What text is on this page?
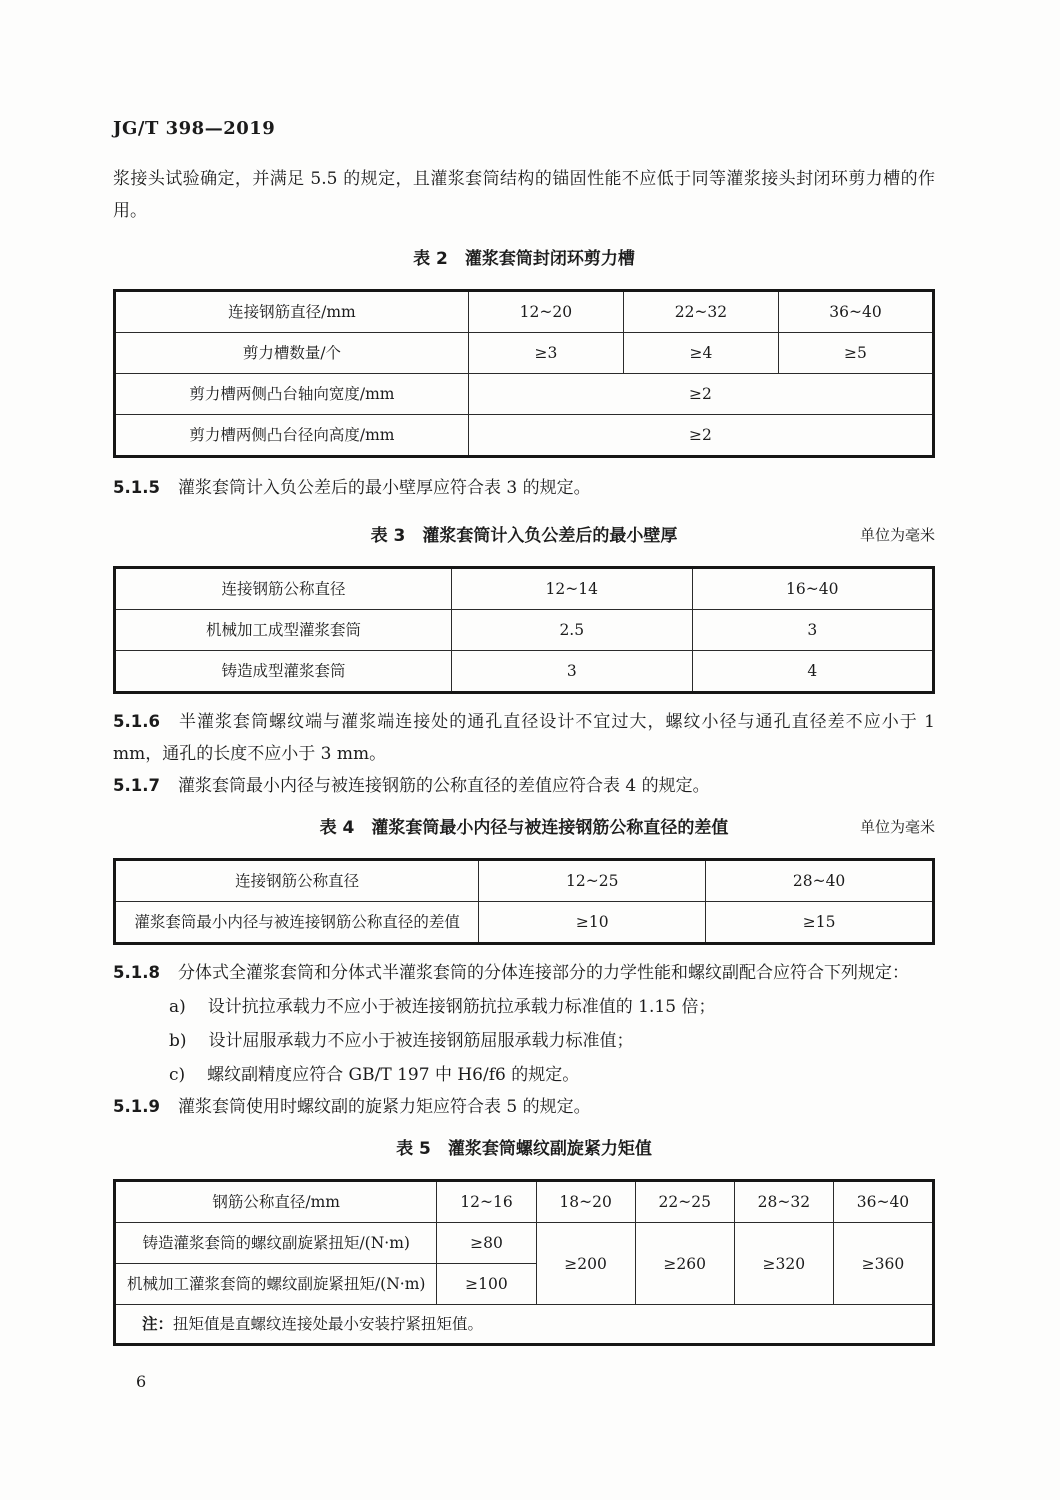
JG/T 398—2019

浆接头试验确定，并满足 5.5 的规定，且灌浆套筒结构的锚固性能不应低于同等灌浆接头封闭环剪力槽的作用。

表 2　灌浆套筒封闭环剪力槽
连接钢筋直径/mm	12~20	22~32	36~40
剪力槽数量/个	≥3	≥4	≥5
剪力槽两侧凸台轴向宽度/mm	≥2		
剪力槽两侧凸台径向高度/mm	≥2		

5.1.5 灌浆套筒计入负公差后的最小壁厚应符合表 3 的规定。

表 3　灌浆套筒计入负公差后的最小壁厚	单位为毫米
连接钢筋公称直径	12~14	16~40
机械加工成型灌浆套筒	2.5	3
铸造成型灌浆套筒	3	4

5.1.6 半灌浆套筒螺纹端与灌浆端连接处的通孔直径设计不宜过大，螺纹小径与通孔直径差不应小于 1 mm，通孔的长度不应小于 3 mm。

5.1.7 灌浆套筒最小内径与被连接钢筋的公称直径的差值应符合表 4 的规定。

表 4　灌浆套筒最小内径与被连接钢筋公称直径的差值	单位为毫米
连接钢筋公称直径	12~25	28~40
灌浆套筒最小内径与被连接钢筋公称直径的差值	≥10	≥15

5.1.8 分体式全灌浆套筒和分体式半灌浆套筒的分体连接部分的力学性能和螺纹副配合应符合下列规定：

a) 设计抗拉承载力不应小于被连接钢筋抗拉承载力标准值的 1.15 倍；

b) 设计屈服承载力不应小于被连接钢筋屈服承载力标准值；

c) 螺纹副精度应符合 GB/T 197 中 H6/f6 的规定。

5.1.9 灌浆套筒使用时螺纹副的旋紧力矩应符合表 5 的规定。

表 5　灌浆套筒螺纹副旋紧力矩值
钢筋公称直径/mm	12~16	18~20	22~25	28~32	36~40
铸造灌浆套筒的螺纹副旋紧扭矩/(N·m)	≥80	≥200	≥260	≥320	≥360
机械加工灌浆套筒的螺纹副旋紧扭矩/(N·m)	≥100				
注：扭矩值是直螺纹连接处最小安装拧紧扭矩值。					
6
